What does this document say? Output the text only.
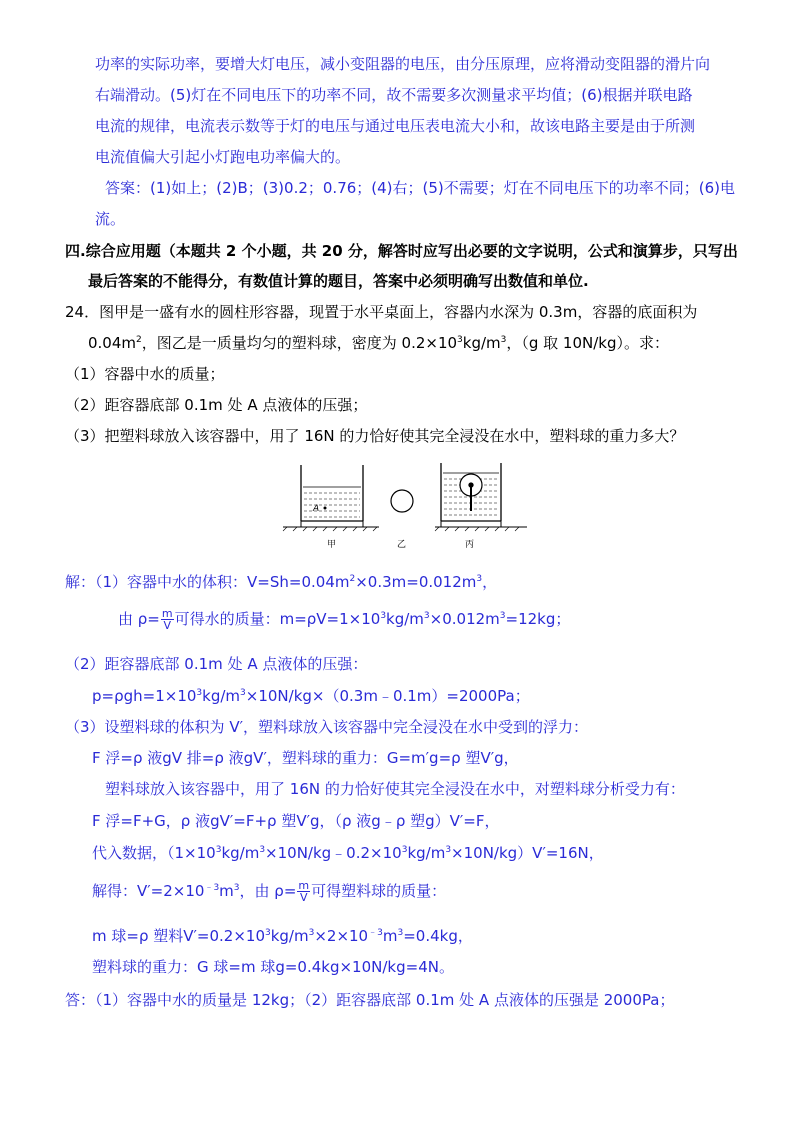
功率的实际功率，要增大灯电压，减小变阻器的电压，由分压原理，应将滑动变阻器的滑片向
右端滑动。(5)灯在不同电压下的功率不同，故不需要多次测量求平均值；(6)根据并联电路
电流的规律，电流表示数等于灯的电压与通过电压表电流大小和，故该电路主要是由于所测
电流值偏大引起小灯跑电功率偏大的。
答案：(1)如上；(2)B；(3)0.2；0.76；(4)右；(5)不需要；灯在不同电压下的功率不同；(6)电
流。
四.综合应用题（本题共 2 个小题，共 20 分，解答时应写出必要的文字说明，公式和演算步，只写出
最后答案的不能得分，有数值计算的题目，答案中必须明确写出数值和单位.
24．图甲是一盛有水的圆柱形容器，现置于水平桌面上，容器内水深为 0.3m，容器的底面积为
$0.04m^2$，图乙是一质量均匀的塑料球，密度为 $0.2\times 10^3kg/m^3$，（g 取 10N/kg）。求：
（1）容器中水的质量；
（2）距容器底部 0.1m 处 A 点液体的压强；
（3）把塑料球放入该容器中，用了 16N 的力恰好使其完全浸没在水中，塑料球的重力多大？
A
甲	乙	丙
解：（1）容器中水的体积：$V=Sh=0.04m^2\times 0.3m=0.012m^3$，
由 $\rho= \frac{m}{V}$ 可得水的质量：$m=\rho V=1\times 10^3kg/m^3\times 0.012m^3=12kg$；
（2）距容器底部 0.1m 处 A 点液体的压强：
$p=\rho gh=1\times 10^3kg/m^3\times 10N/kg\times(0.3m﹣0.1m)=2000Pa$；
（3）设塑料球的体积为 V′，塑料球放入该容器中完全浸没在水中受到的浮力：
F 浮=ρ 液gV 排=ρ 液gV′，塑料球的重力：G=m′g=ρ 塑V′g，
塑料球放入该容器中，用了 16N 的力恰好使其完全浸没在水中，对塑料球分析受力有：
F 浮=F+G，ρ 液gV′=F+ρ 塑V′g，（ρ 液g﹣ρ 塑g）V′=F，
代入数据，$(1\times 10^3kg/m^3\times 10N/kg﹣0.2\times 10^3kg/m^3\times 10N/kg)V'=16N$，
解得：$V'=2\times 10^{﹣3}m^3$，由 $\rho= \frac{m}{V}$ 可得塑料球的质量：
m 球=ρ 塑料$V'=0.2\times 10^3kg/m^3\times 2\times 10^{﹣3}m^3=0.4kg$，
塑料球的重力：G 球=m 球g=0.4kg×10N/kg=4N。
答：（1）容器中水的质量是 12kg；（2）距容器底部 0.1m 处 A 点液体的压强是 2000Pa；
